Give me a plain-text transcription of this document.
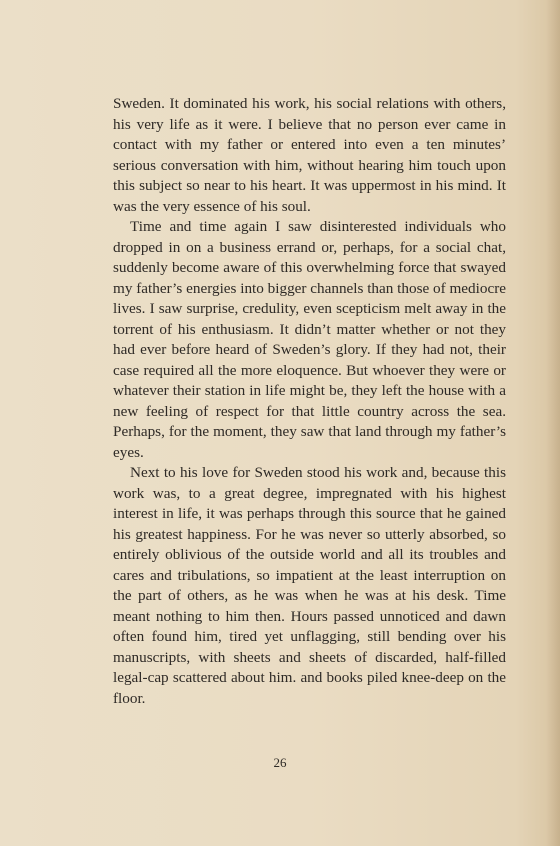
Sweden. It dominated his work, his social relations with others, his very life as it were. I believe that no person ever came in contact with my father or entered into even a ten minutes’ serious conversation with him, without hearing him touch upon this subject so near to his heart. It was uppermost in his mind. It was the very essence of his soul.

Time and time again I saw disinterested individuals who dropped in on a business errand or, perhaps, for a social chat, suddenly become aware of this overwhelming force that swayed my father’s energies into bigger channels than those of mediocre lives. I saw surprise, credulity, even scepticism melt away in the torrent of his enthusiasm. It didn’t matter whether or not they had ever before heard of Sweden’s glory. If they had not, their case required all the more eloquence. But whoever they were or whatever their station in life might be, they left the house with a new feeling of respect for that little country across the sea. Perhaps, for the moment, they saw that land through my father’s eyes.

Next to his love for Sweden stood his work and, because this work was, to a great degree, impregnated with his highest interest in life, it was perhaps through this source that he gained his greatest happiness. For he was never so utterly absorbed, so entirely oblivious of the outside world and all its troubles and cares and tribulations, so impatient at the least interruption on the part of others, as he was when he was at his desk. Time meant nothing to him then. Hours passed unnoticed and dawn often found him, tired yet unflagging, still bending over his manuscripts, with sheets and sheets of discarded, half-filled legal-cap scattered about him. and books piled knee-deep on the floor.

26
